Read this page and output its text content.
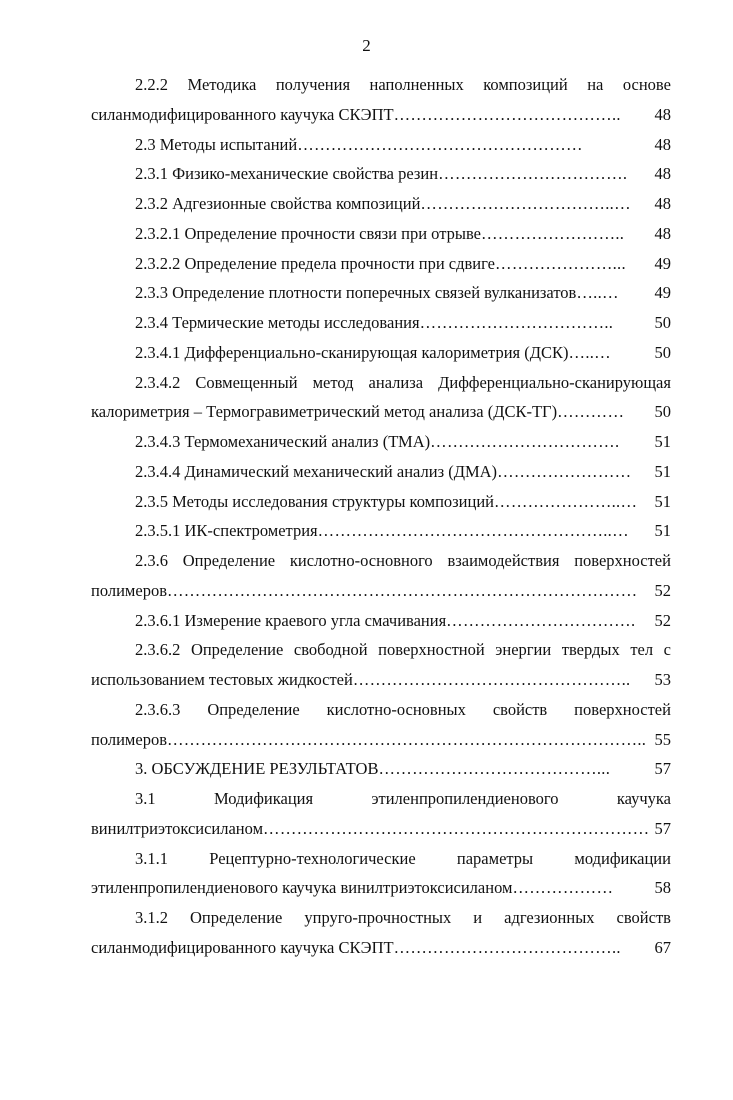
2
2.2.2 Методика получения наполненных композиций на основе
силанмодифицированного каучука СКЭПТ …………………………………..	48
2.3 Методы испытаний ……………………………………………	48
2.3.1 Физико-механические свойства резин …………………………….	48
2.3.2 Адгезионные свойства композиций ……………………………..…	48
2.3.2.1 Определение прочности связи при отрыве ……………………..	48
2.3.2.2 Определение предела прочности при сдвиге …………………...	49
2.3.3 Определение плотности поперечных связей вулканизатов …..…	49
2.3.4 Термические методы исследования ……………………………..	50
2.3.4.1 Дифференциально-сканирующая калориметрия (ДСК) …..…	50
2.3.4.2 Совмещенный метод анализа Дифференциально-сканирующая
калориметрия – Термогравиметрический метод анализа (ДСК-ТГ) …………	50
2.3.4.3 Термомеханический анализ (ТМА) …………………………….	51
2.3.4.4 Динамический механический анализ (ДМА) ……………………	51
2.3.5 Методы исследования структуры композиций …………………..…	51
2.3.5.1 ИК-спектрометрия ……………………………………………..…	51
2.3.6 Определение кислотно-основного взаимодействия поверхностей
полимеров …………………………………………………………………………	52
2.3.6.1 Измерение краевого угла смачивания …………………………….	52
2.3.6.2 Определение свободной поверхностной энергии твердых тел с
использованием тестовых жидкостей …………………………………………..	53
2.3.6.3 Определение кислотно-основных свойств поверхностей
полимеров ………………………………………………………………………….. 55
3. ОБСУЖДЕНИЕ РЕЗУЛЬТАТОВ …………………………………...	57
3.1	Модификация	этиленпропилендиенового	каучука
винилтриэтоксисиланом …………………………………………………………… 57
3.1.1	Рецептурно-технологические	параметры	модификации
этиленпропилендиенового каучука винилтриэтоксисиланом ………………	58
3.1.2 Определение упруго-прочностных и адгезионных свойств
силанмодифицированного каучука СКЭПТ …………………………………..	67
